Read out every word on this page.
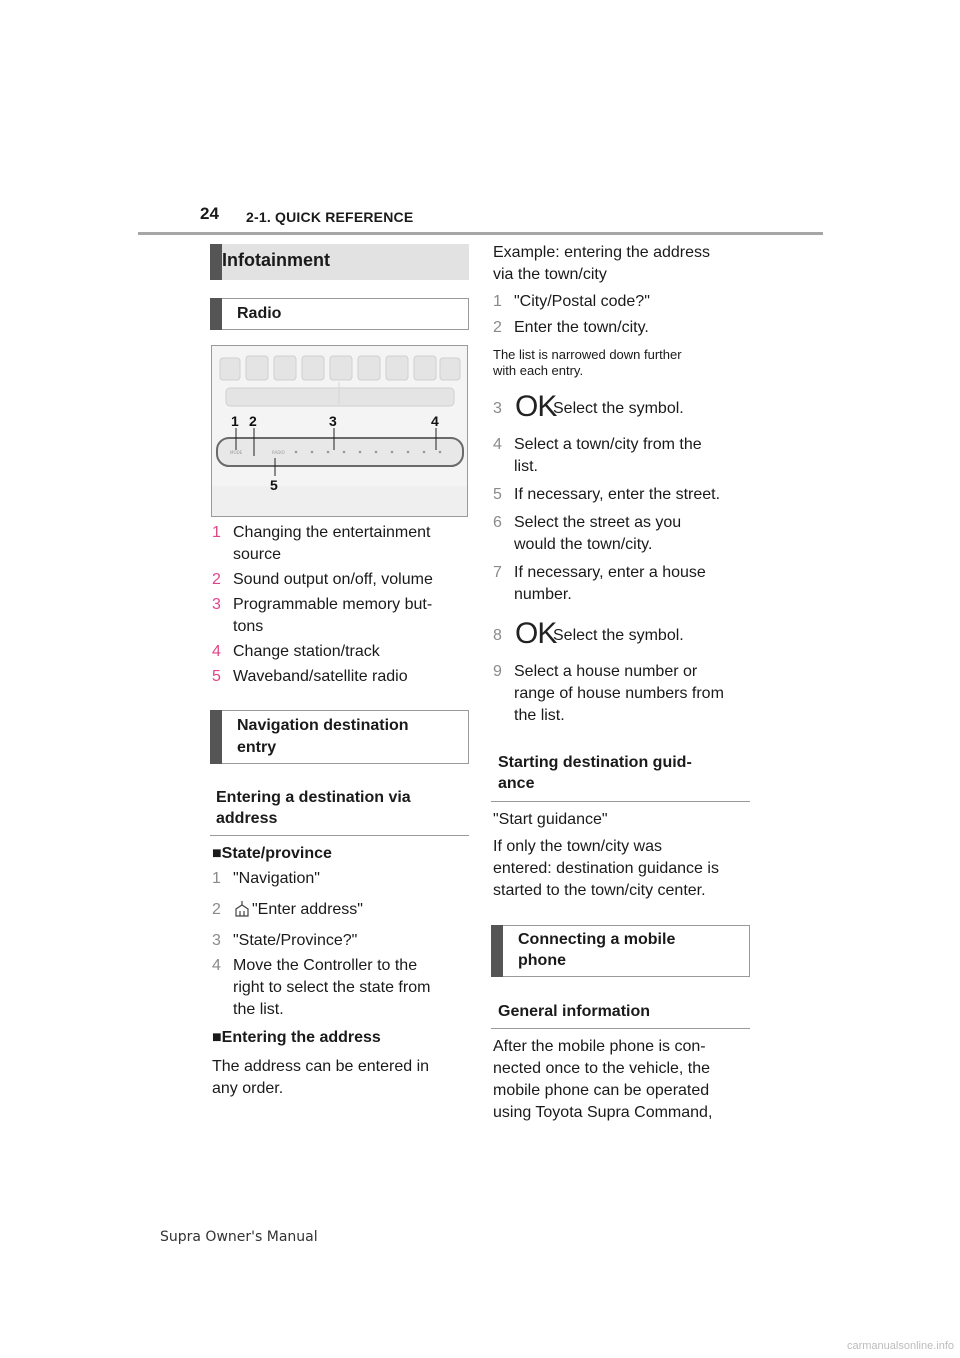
24 2-1. QUICK REFERENCE
Infotainment
Radio
MODE	RADIO
1 2	3	4
5
1 Changing the entertainment
source
2 Sound output on/off, volume
3 Programmable memory but-
tons
4 Change station/track
5 Waveband/satellite radio
Navigation destination
entry
Entering a destination via
address
■State/province
1 "Navigation"
2 "Enter address"
3 "State/Province?"
4 Move the Controller to the
right to select the state from
the list.
■Entering the address
The address can be entered in
any order.
Example: entering the address
via the town/city
1 "City/Postal code?"
2 Enter the town/city.
The list is narrowed down further
with each entry.
3 OK
Select the symbol.
4 Select a town/city from the
list.
5 If necessary, enter the street.
6 Select the street as you
would the town/city.
7 If necessary, enter a house
number.
8 OK
Select the symbol.
9 Select a house number or
range of house numbers from
the list.
Starting destination guid-
ance
"Start guidance"
If only the town/city was
entered: destination guidance is
started to the town/city center.
Connecting a mobile
phone
General information
After the mobile phone is con-
nected once to the vehicle, the
mobile phone can be operated
using Toyota Supra Command,
Supra Owner's Manual
carmanualsonline.info
